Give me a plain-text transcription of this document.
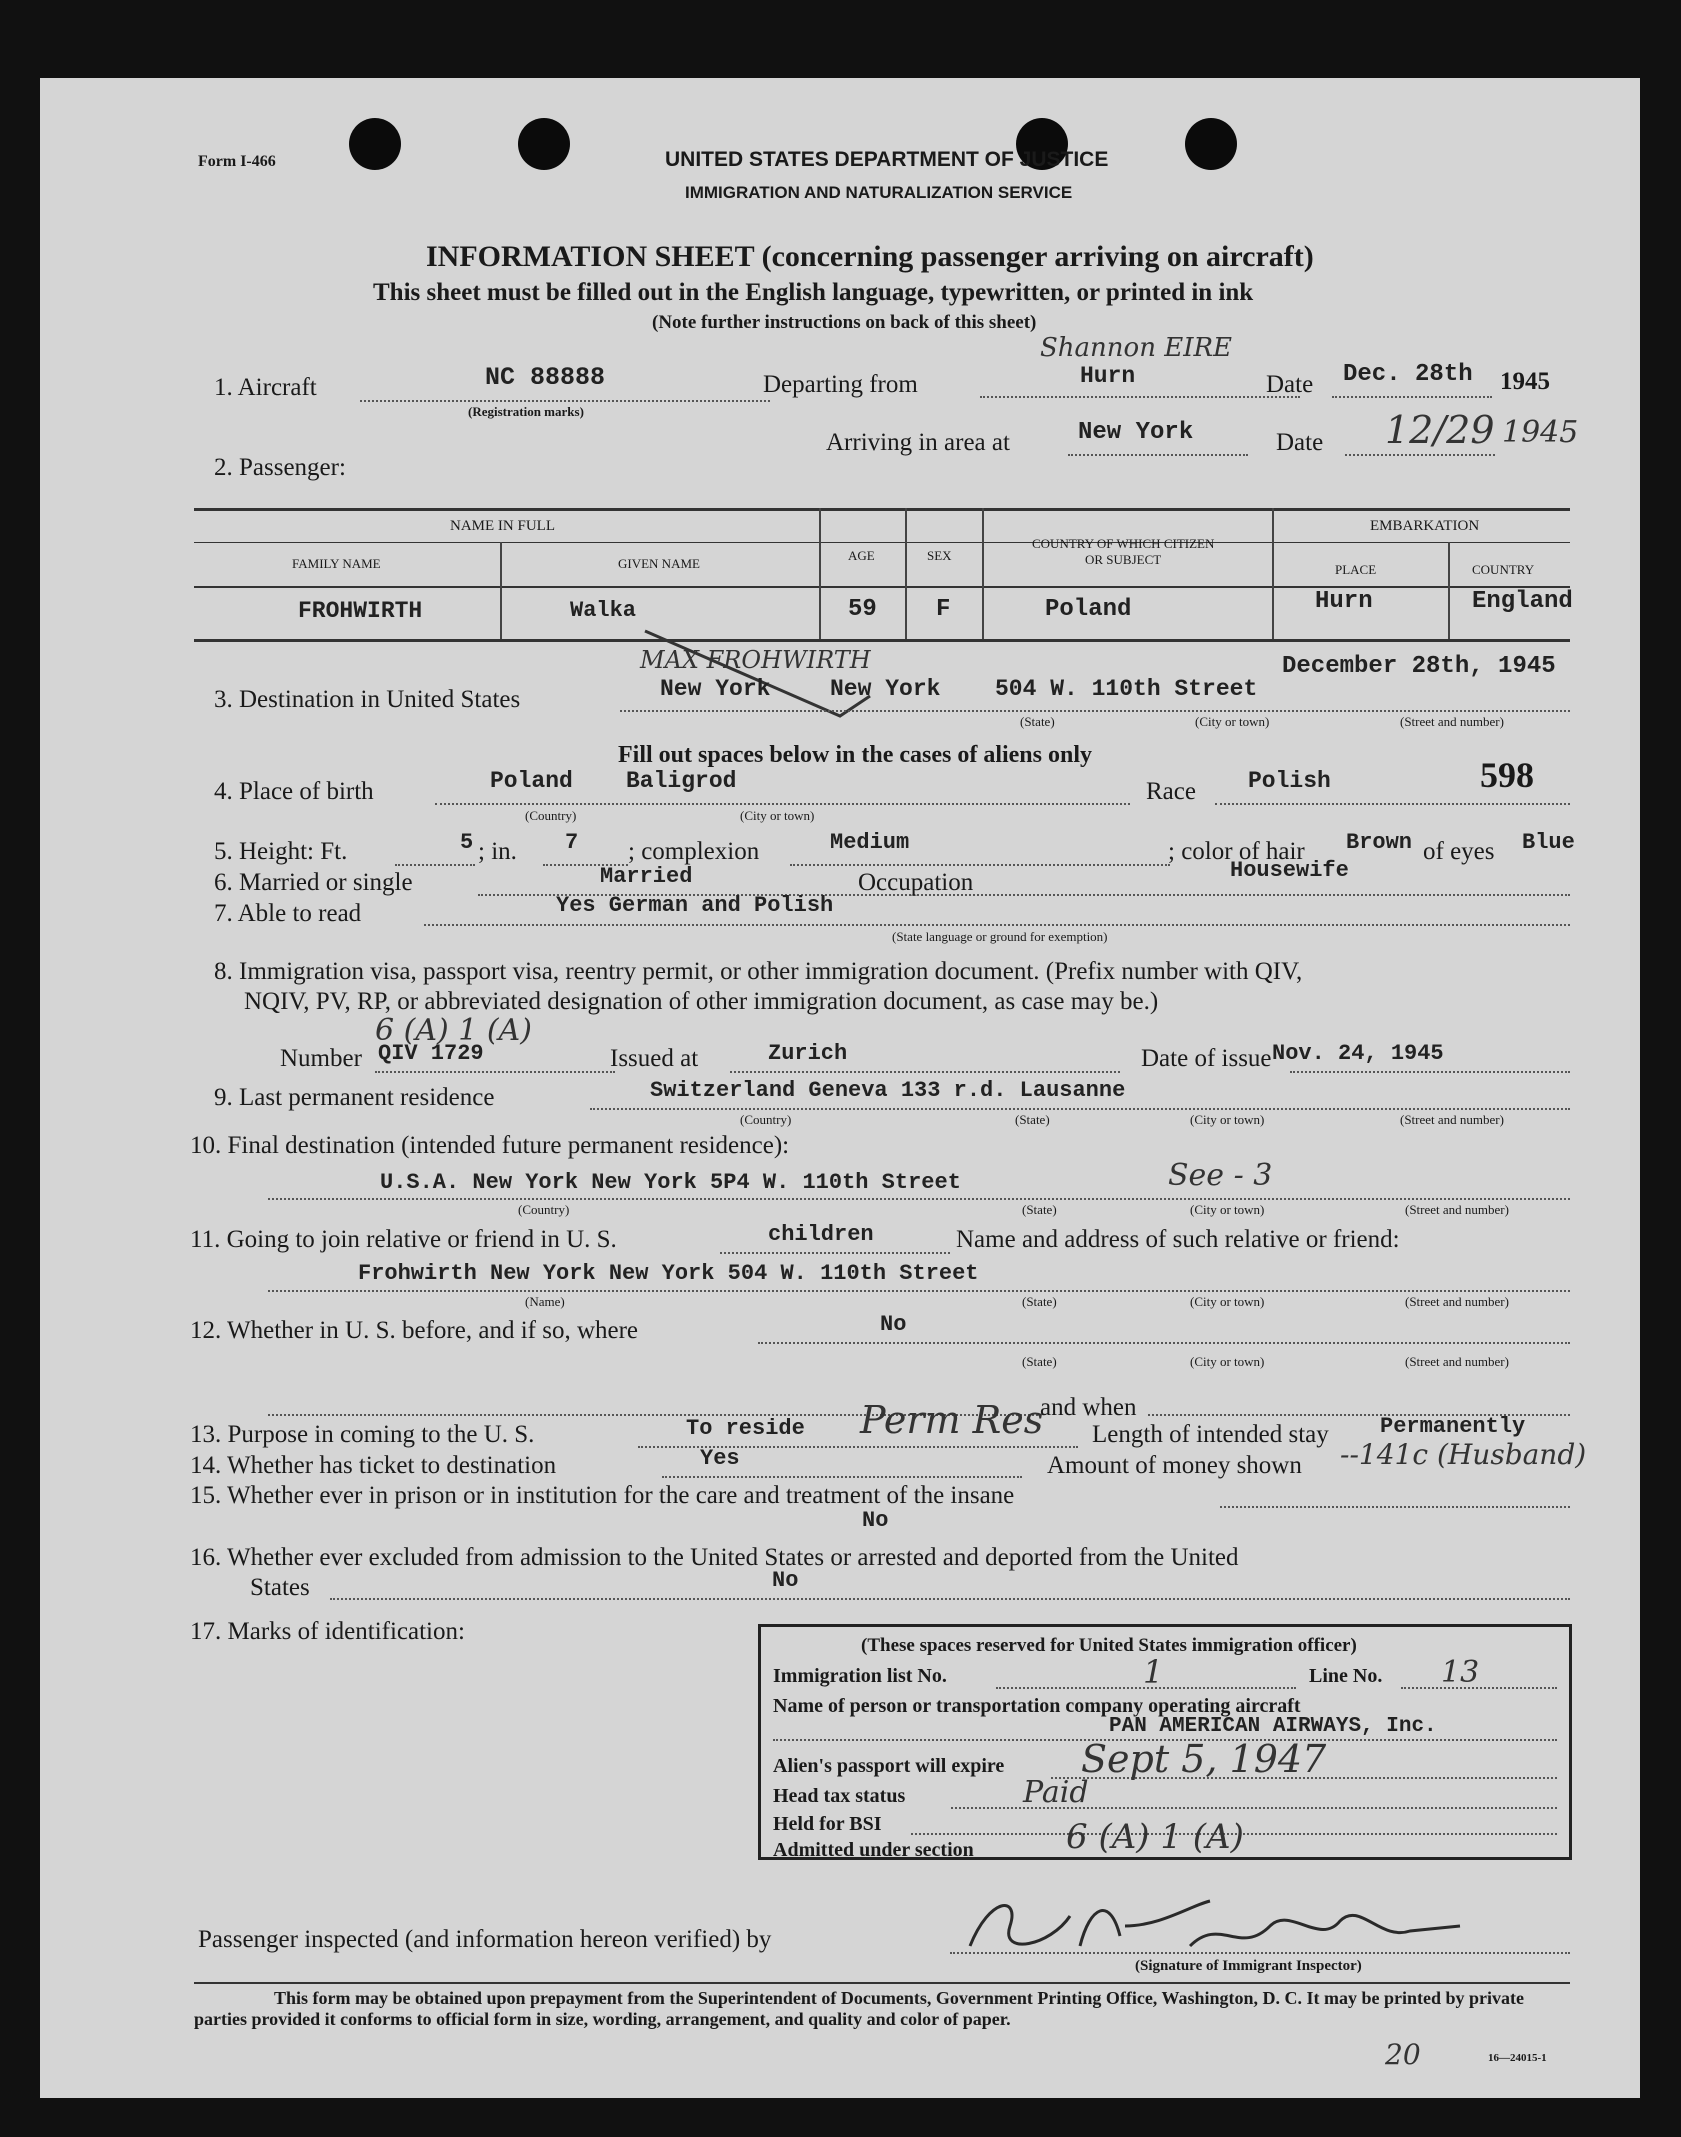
Form I-466	UNITED STATES DEPARTMENT OF JUSTICE
IMMIGRATION AND NATURALIZATION SERVICE
INFORMATION SHEET (concerning passenger arriving on aircraft)
This sheet must be filled out in the English language, typewritten, or printed in ink
(Note further instructions on back of this sheet)
1. Aircraft	NC 88888
(Registration marks)
Departing from
Shannon EIRE
Hurn	Date Dec. 28th 1945
Arriving in area at	New York	Date 12/29 1945
2. Passenger:
NAME IN FULL
FAMILY NAME	GIVEN NAME
AGE	SEX
COUNTRY OF WHICH CITIZEN
OR SUBJECT
EMBARKATION
PLACE	COUNTRY
FROHWIRTH	Walka	59 F	Poland	Hurn	England
MAX FROHWIRTH	December 28th, 1945
3. Destination in United States	New York	New York 504 W. 110th Street
(State)	(City or town)	(Street and number)
Fill out spaces below in the cases of aliens only
4. Place of birth	Poland Baligrod
(Country)	(City or town)
Race Polish	598
5. Height: Ft.	5 ; in. 7 ; complexion	Medium	; color of hair Brown of eyes Blue
6. Married or single	Married	Occupation	Housewife
7. Able to read	Yes German and Polish
(State language or ground for exemption)
8. Immigration visa, passport visa, reentry permit, or other immigration document. (Prefix number with QIV,
NQIV, PV, RP, or abbreviated designation of other immigration document, as case may be.)
6 (A) 1 (A)
Number QIV 1729	Issued at	Zurich	Date of issue Nov. 24, 1945
9. Last permanent residence	Switzerland Geneva 133 r.d. Lausanne
(Country)	(State)	(City or town)	(Street and number)
10. Final destination (intended future permanent residence):
U.S.A. New York New York 5P4 W. 110th Street	See - 3
(Country)	(State)	(City or town)	(Street and number)
11. Going to join relative or friend in U. S.	children	Name and address of such relative or friend:
Frohwirth New York New York 504 W. 110th Street
(Name)	(State)	(City or town)	(Street and number)
12. Whether in U. S. before, and if so, where	No
(State)	(City or town)	(Street and number)
and when
13. Purpose in coming to the U. S.	To reside Perm Res Length of intended stay Permanently
14. Whether has ticket to destination	Yes	Amount of money shown --141c (Husband)
15. Whether ever in prison or in institution for the care and treatment of the insane
No
16. Whether ever excluded from admission to the United States or arrested and deported from the United
States	No
17. Marks of identification:
(These spaces reserved for United States immigration officer)
Immigration list No.	1	Line No. 13
Name of person or transportation company operating aircraft
PAN AMERICAN AIRWAYS, Inc.
Alien's passport will expire Sept 5, 1947
Head tax status	Paid
Held for BSI
Admitted under section	6 (A) 1 (A)
Passenger inspected (and information hereon verified) by
(Signature of Immigrant Inspector)
This form may be obtained upon prepayment from the Superintendent of Documents, Government Printing Office, Washington, D. C. It may be printed by private parties provided it conforms to official form in size, wording, arrangement, and quality and color of paper.
16—24015-1
20
